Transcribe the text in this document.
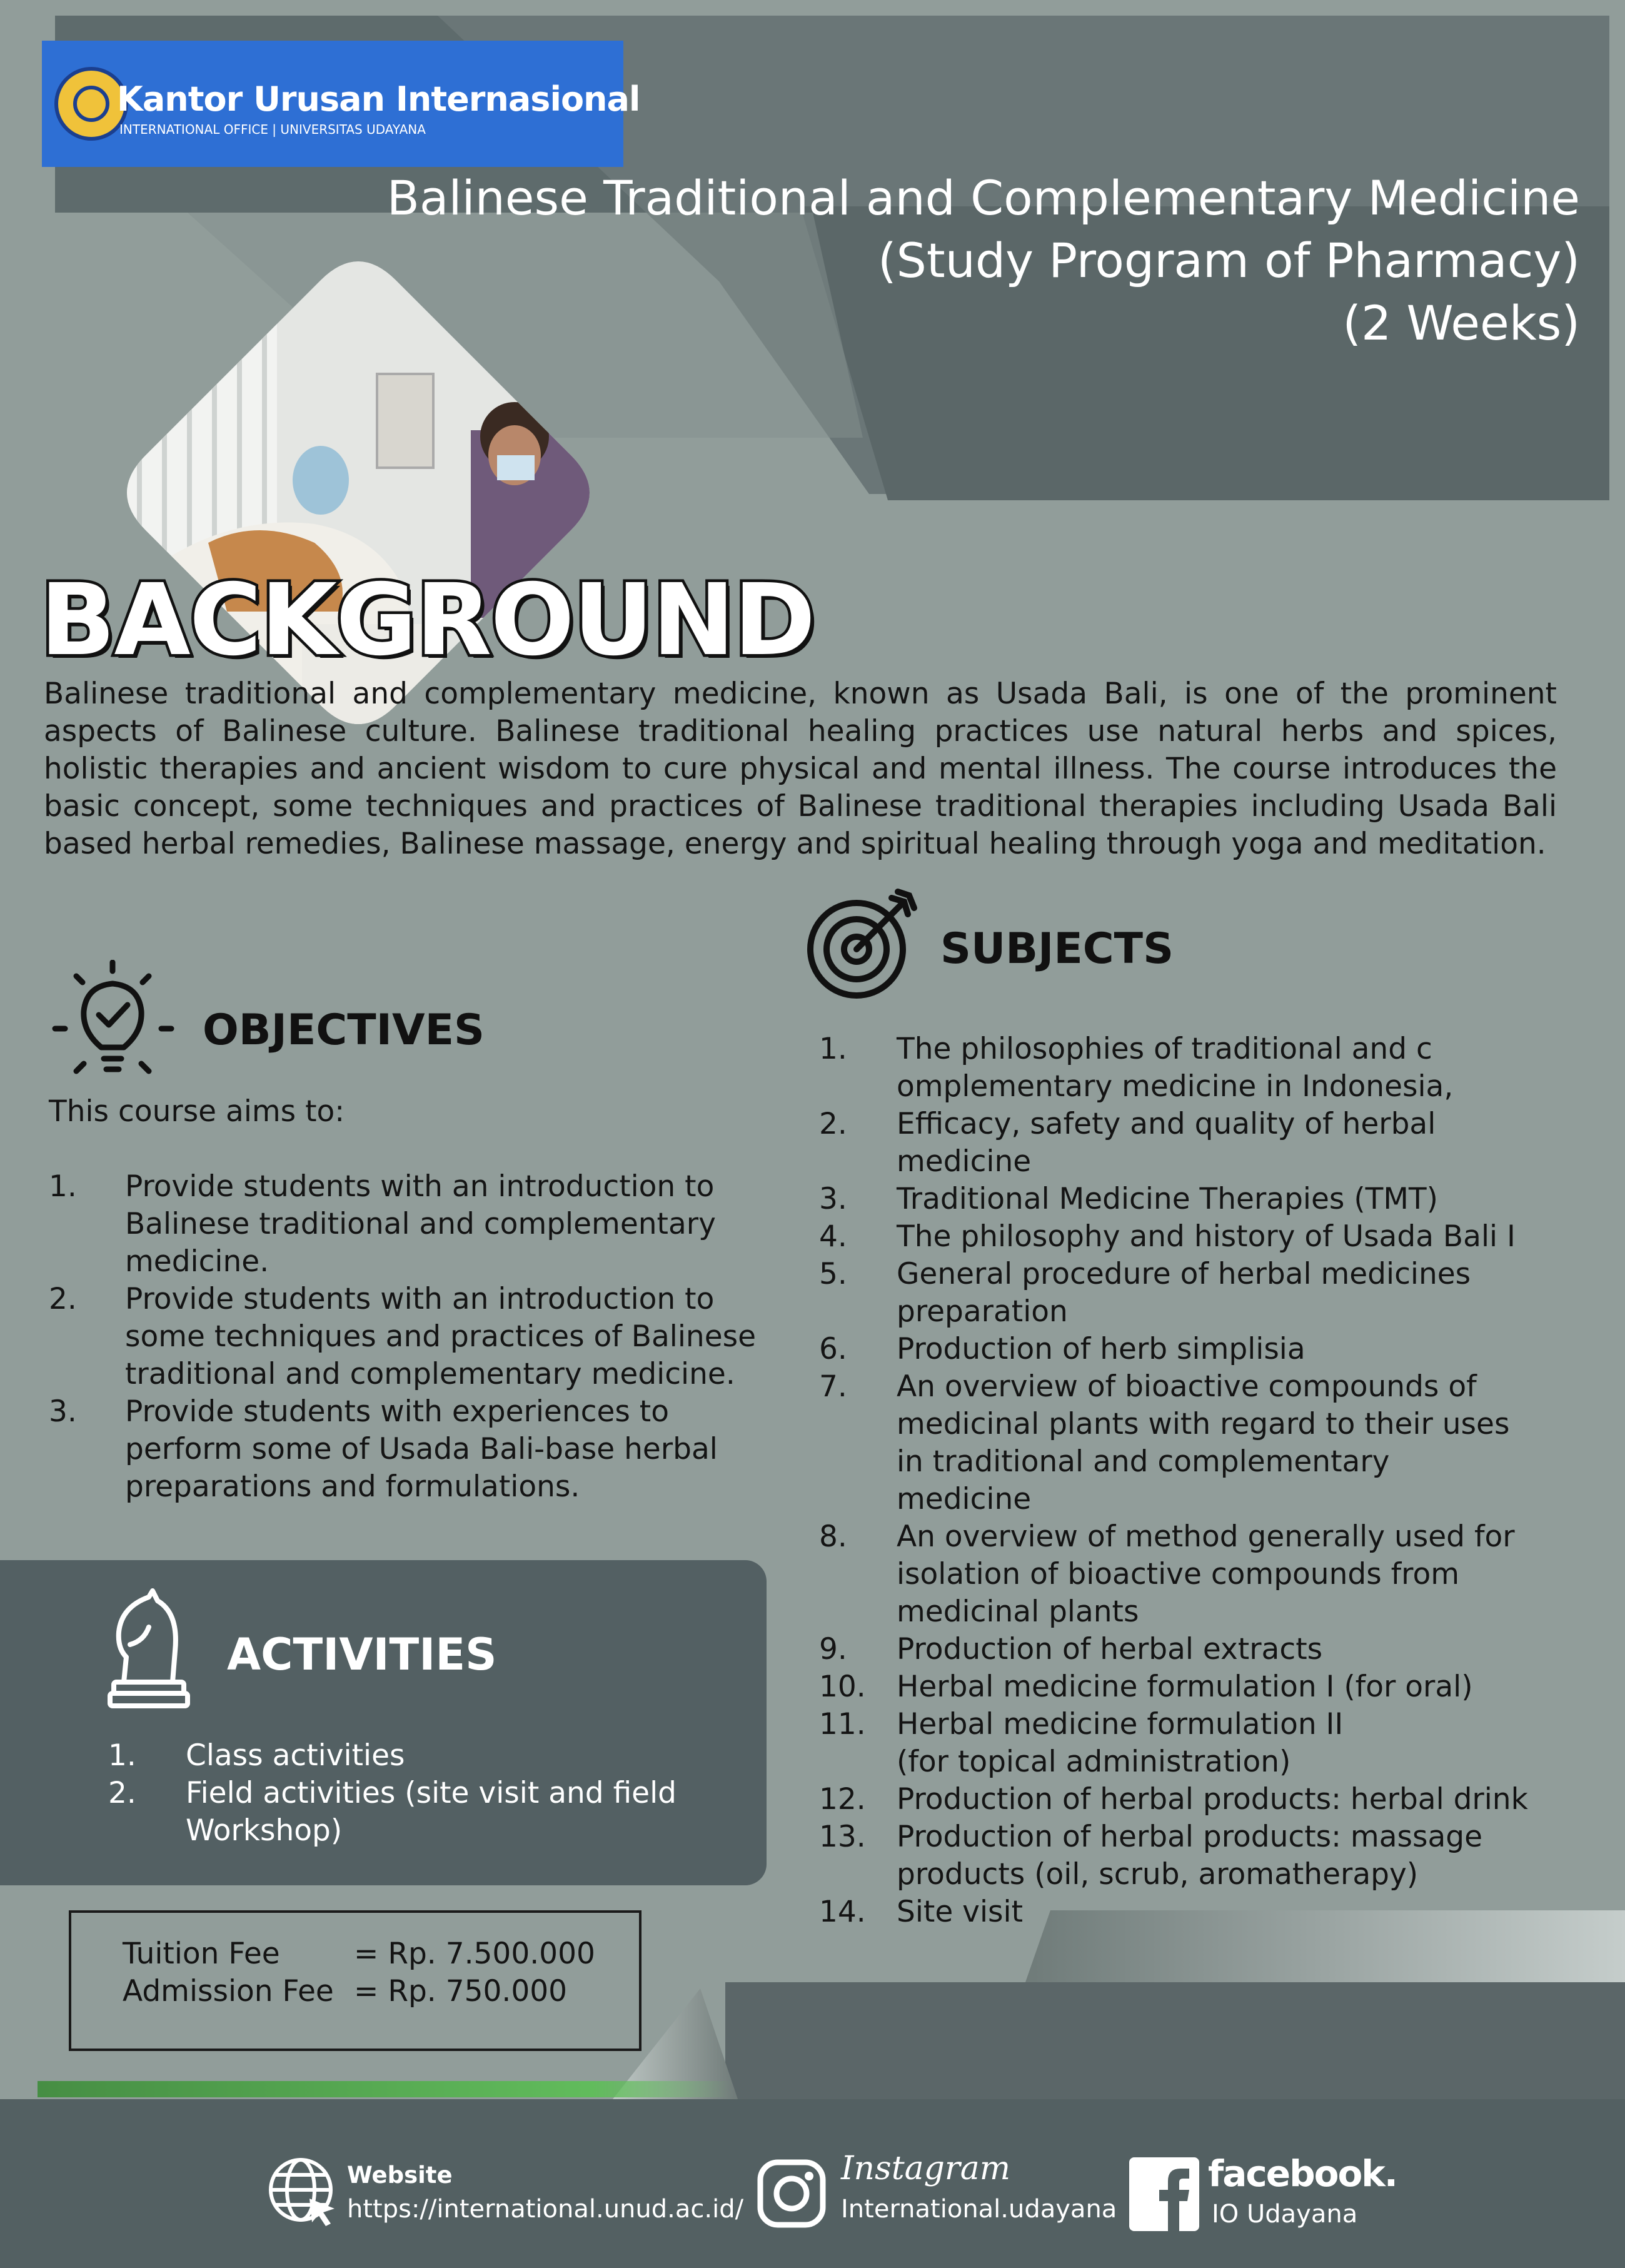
Kantor Urusan Internasional
INTERNATIONAL OFFICE | UNIVERSITAS UDAYANA
Balinese Traditional and Complementary Medicine
(Study Program of Pharmacy)
(2 Weeks)
BACKGROUND
Balinese traditional and complementary medicine, known as Usada Bali, is one of the prominent aspects of Balinese culture. Balinese traditional healing practices use natural herbs and spices, holistic therapies and ancient wisdom to cure physical and mental illness. The course introduces the basic concept, some techniques and practices of Balinese traditional therapies including Usada Bali based herbal remedies, Balinese massage, energy and spiritual healing through yoga and meditation.
OBJECTIVES
This course aims to:
1. Provide students with an introduction to Balinese traditional and complementary medicine.
2. Provide students with an introduction to some techniques and practices of Balinese traditional and complementary medicine.
3. Provide students with experiences to perform some of Usada Bali-base herbal preparations and formulations.
SUBJECTS
1. The philosophies of traditional and c omplementary medicine in Indonesia,
2. Efficacy, safety and quality of herbal medicine
3. Traditional Medicine Therapies (TMT)
4. The philosophy and history of Usada Bali I
5. General procedure of herbal medicines preparation
6. Production of herb simplisia
7. An overview of bioactive compounds of medicinal plants with regard to their uses in traditional and complementary medicine
8. An overview of method generally used for isolation of bioactive compounds from medicinal plants
9. Production of herbal extracts
10. Herbal medicine formulation I (for oral)
11. Herbal medicine formulation II (for topical administration)
12. Production of herbal products: herbal drink
13. Production of herbal products: massage products (oil, scrub, aromatherapy)
14. Site visit
ACTIVITIES
1. Class activities
2. Field activities (site visit and field Workshop)
Tuition Fee	= Rp. 7.500.000
Admission Fee = Rp. 750.000
Website
https://international.unud.ac.id/
Instagram
International.udayana
facebook.
IO Udayana
